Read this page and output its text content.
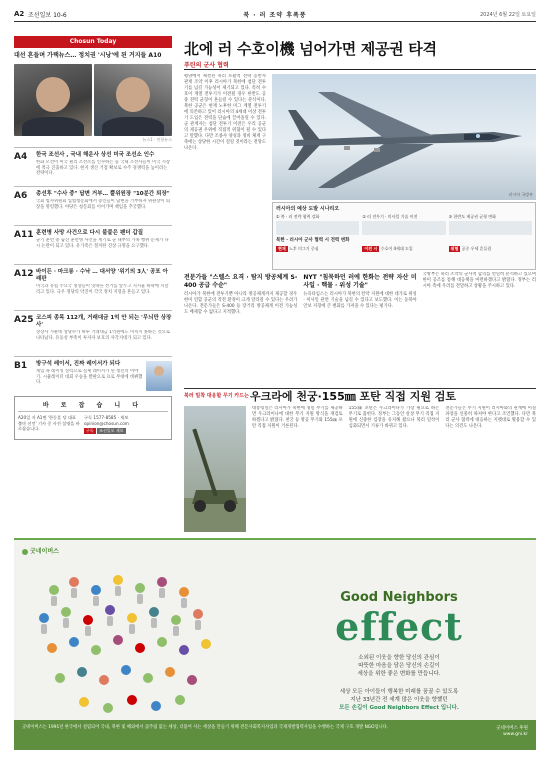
A2 조선일보 10-6	북 · 러 조약 후폭풍	2024년 6월 22일 토요일
Chosun Today
대선 흔들며 가택뉴스… 정치권 '시낭'에 된 거지들 A10
뉴스1 · 연합뉴스
A4	한국 조선사 , 국내 해운사 상선 미국 조선소 인수
한화 오션이 미국 필리 조선소를 인수하는 등 국내 조선사들이 미국 시장에 적극 진출하고 있다. 현지 생산 거점 확보로 수주 경쟁력을 높이려는 전략이다.
A6	총선후 "수사 중" 답변 거부… 뿔위원장 "10분간 퇴장"
국회 법사위원회 입법청문회에서 증인들이 답변을 거부하자 위원장이 퇴장을 명령했다. 야당은 청문회를 이어가며 책임을 추궁했다.
A11 훈련병 사망 사건으로 다시 불붙은 팬더 갑질
군기 훈련 중 숨진 훈련병 사건을 계기로 군 내부의 가혹 행위 문제가 다시 논란이 되고 있다. 유가족은 철저한 진상 규명을 요구했다.
A12 바이든 · 마크롱 · 수낙 … 대서양 '위기의 3人' 공포 아래판
미국과 유럽 주요국 정상들이 잇따른 선거를 앞두고 지지율 하락에 시달리고 있다. 극우 정당의 약진이 각국 정치 지형을 흔들고 있다.
A25 코스피 종목 112개, 거래대금 1억 안 되는 '무늬만 상장사'
상장사 가운데 상당수가 하루 거래대금 1억원에도 미치지 못하는 것으로 나타났다. 유동성 부족이 투자자 보호의 사각지대가 되고 있다.
B1	방구석 레이서, 진짜 레이서가 되다
게임 속 레이싱 실력으로 실제 레이서가 된 청년의 이야기. 시뮬레이터 대회 우승을 발판으로 프로 무대에 데뷔했다.
바 로 잡 습 니 다
A20일 자 A1면 '한동훈 당 대표 출마 선언' 기사 중 사진 설명을 바로잡습니다.
구독 1577-8585 · 제보 opinion@chosun.com
구독 조선일보 제보
北에 러 수호이機 넘어가면 제공권 타격
푸틴의 군사 협력
평양에서 체결된 북러 포괄적 전략 동반자 관계 조약 이후 러시아가 북한에 첨단 전투기를 넘길 가능성이 제기되고 있다. 특히 수호이 계열 전투기가 이전될 경우 한반도 공중 전력 균형이 흔들릴 수 있다는 분석이다. 북한 공군은 현재 노후한 미그 계열 전투기에 의존하고 있어 러시아의 4세대 이상 전투기 도입은 전력을 단숨에 끌어올릴 수 있다. 군 관계자는 첨단 전투기 이전은 우리 공군의 제공권 우위에 직접적 위협이 될 수 있다고 말했다. 다만 조종사 양성과 정비 체계 구축에는 상당한 시간이 걸릴 것이라는 전망도 나온다.
러시아 국방부
러시아의 예상 도발 시나리오
① 북 · 러 전략 협력 강화	② 러 전투기 · 미사일 기술 이전	③ 한반도 제공권 균형 변화
북한 · 러시아 군사 협력 시 전력 변화
현재 노후 미그기 중심	이전 시 수호이 4세대 도입	위협 공중 우세 흔들림
전문가들 "스텔스 요격 · 탐지 방공체계 S-400 공급 수순"
러시아가 북한에 전투기뿐 아니라 방공체계까지 제공할 경우 한미 연합 공군의 작전 환경이 크게 달라질 수 있다는 우려가 나온다. 전문가들은 S-400 등 장거리 방공체계 이전 가능성도 배제할 수 없다고 지적했다.
NYT "침묵하던 러에 한화는 전략 자산 미사일 · 핵물 · 위성 기술"
뉴욕타임스는 러시아가 북한의 탄약 지원에 대한 대가로 위성 · 미사일 관련 기술을 넘길 수 있다고 보도했다. 이는 동북아 안보 지형에 큰 변화를 가져올 수 있다는 평가다.
국방부는 북러 조약의 군사적 함의를 면밀히 분석하고 있으며 한미 공조를 통해 대응책을 마련하겠다고 밝혔다. 정부는 러시아 측에 우려를 전달하고 상황을 주시하고 있다.
북러 밀착 대응할 무기 카드는 우크라에 천궁·155㎜ 포탄 직접 지원 검토
대통령실은 러시아가 북한에 정밀 무기를 제공하면 우크라이나에 대한 무기 지원 방식을 재검토하겠다고 밝혔다. 천궁 등 방공 무기와 155㎜ 포탄 직접 지원이 거론된다.
155㎜ 포탄은 우크라이나가 가장 필요로 하는 무기로 꼽힌다. 정부는 그동안 살상 무기 직접 지원에 신중한 입장을 유지해 왔으나 북러 밀착이 심화되면서 기류가 바뀌고 있다.
전문가들은 무기 지원이 러시아와의 관계에 미칠 파장을 신중히 따져야 한다고 조언했다. 다만 북러 군사 협력에 대응하는 지렛대로 활용할 수 있다는 의견도 나온다.
굿네이버스
Good Neighbors
effect
소외된 이웃을 향한 당신의 관심이
따뜻한 마음을 담은 당신의 손길이
세상을 위한 좋은 변화를 만듭니다.
세상 모든 아이들이 행복한 미래를 꿈꿀 수 있도록
지난 33년간 전 세계 많은 이웃을 향했던
모든 손길이 Good Neighbors Effect 입니다.
굿네이버스는 1991년 한국에서 설립되어 국내, 북한 및 해외에서 굶주림 없는 세상, 더불어 사는 세상을 만들기 위해 전문사회복지사업과 국제개발협력사업을 수행하는 국제 구호 개발 NGO입니다.	굿네이버스 후원
www.gni.kr
